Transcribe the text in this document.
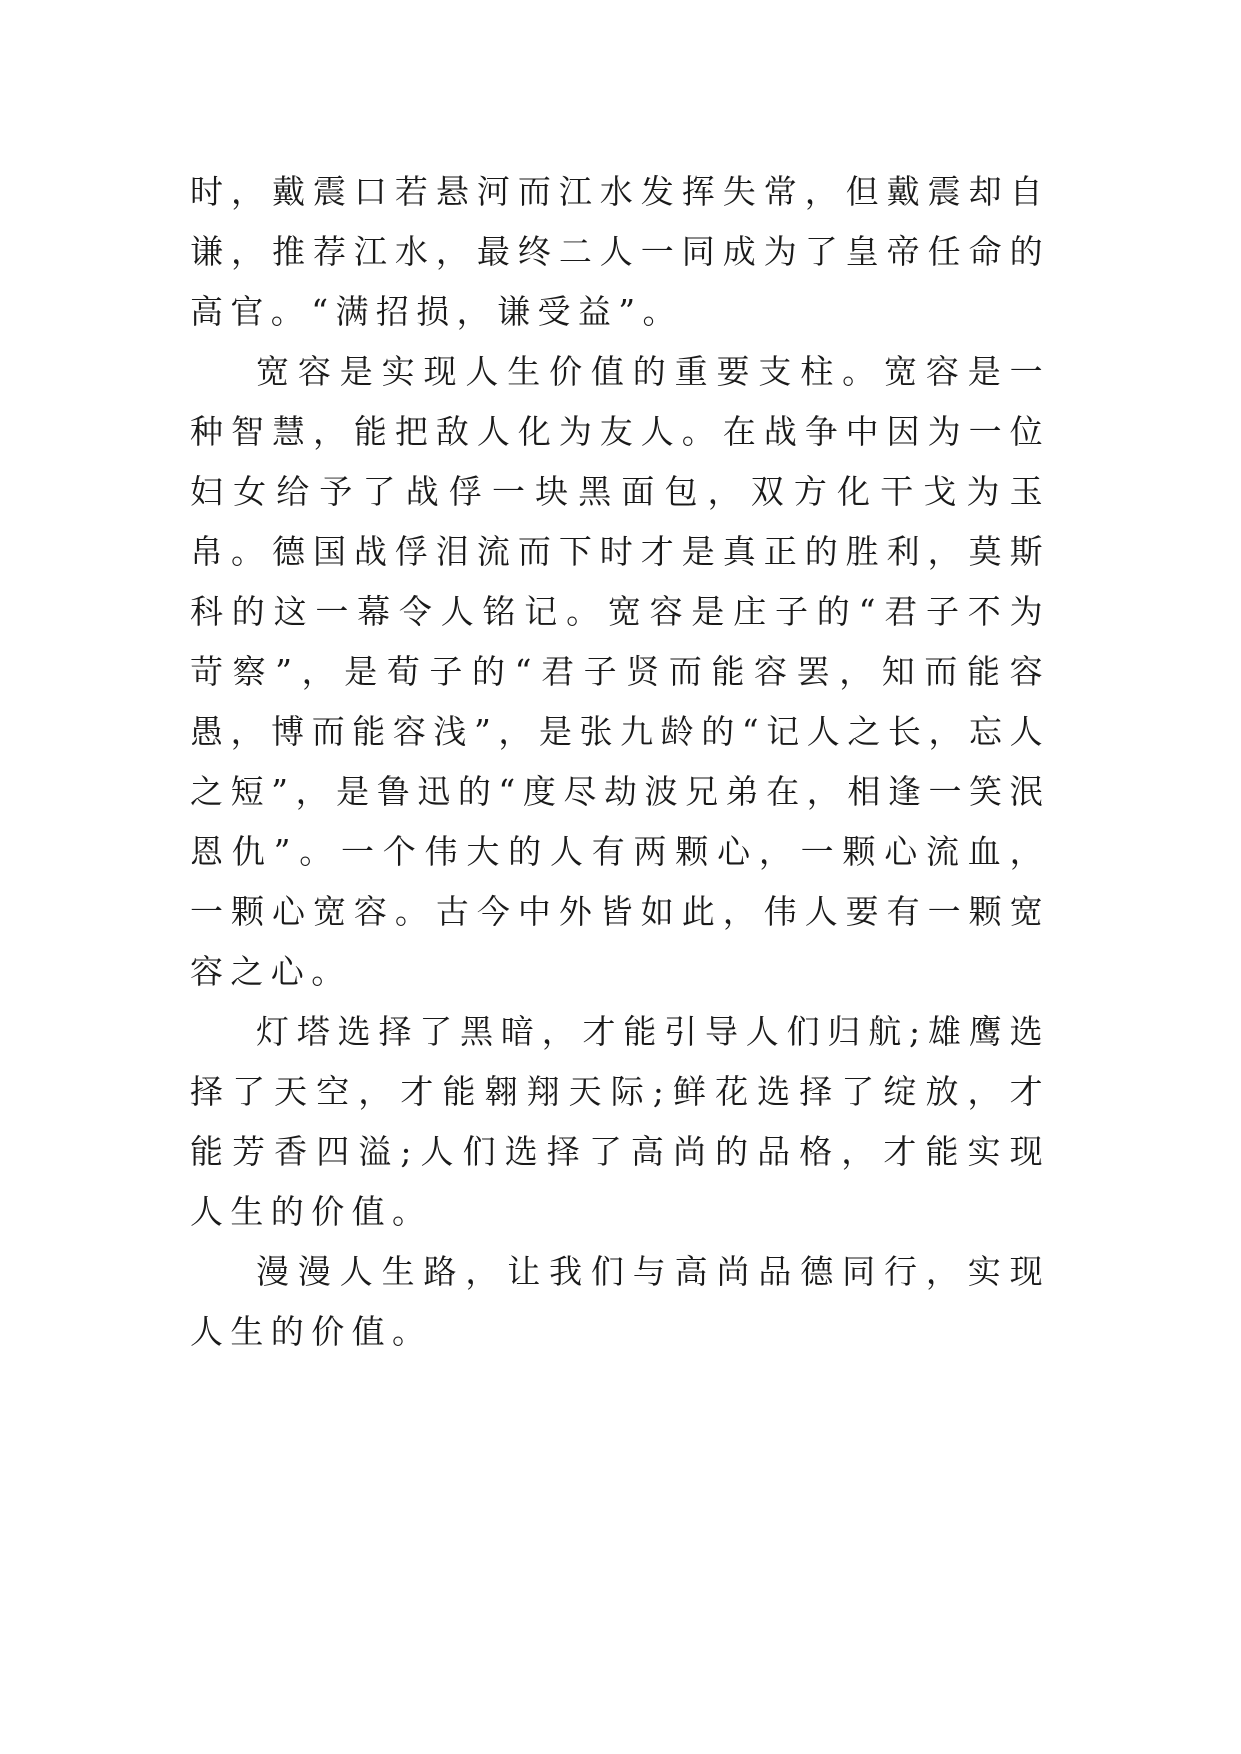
时，戴震口若悬河而江水发挥失常，但戴震却自谦，推荐江水，最终二人一同成为了皇帝任命的高官。“满招损，谦受益”。

宽容是实现人生价值的重要支柱。宽容是一种智慧，能把敌人化为友人。在战争中因为一位妇女给予了战俘一块黑面包，双方化干戈为玉帛。德国战俘泪流而下时才是真正的胜利，莫斯科的这一幕令人铭记。宽容是庄子的“君子不为苛察”，是荀子的“君子贤而能容罢，知而能容愚，博而能容浅”，是张九龄的“记人之长，忘人之短”，是鲁迅的“度尽劫波兄弟在，相逢一笑泯恩仇”。一个伟大的人有两颗心，一颗心流血，一颗心宽容。古今中外皆如此，伟人要有一颗宽容之心。

灯塔选择了黑暗，才能引导人们归航;雄鹰选择了天空，才能翱翔天际;鲜花选择了绽放，才能芳香四溢;人们选择了高尚的品格，才能实现人生的价值。

漫漫人生路，让我们与高尚品德同行，实现人生的价值。
